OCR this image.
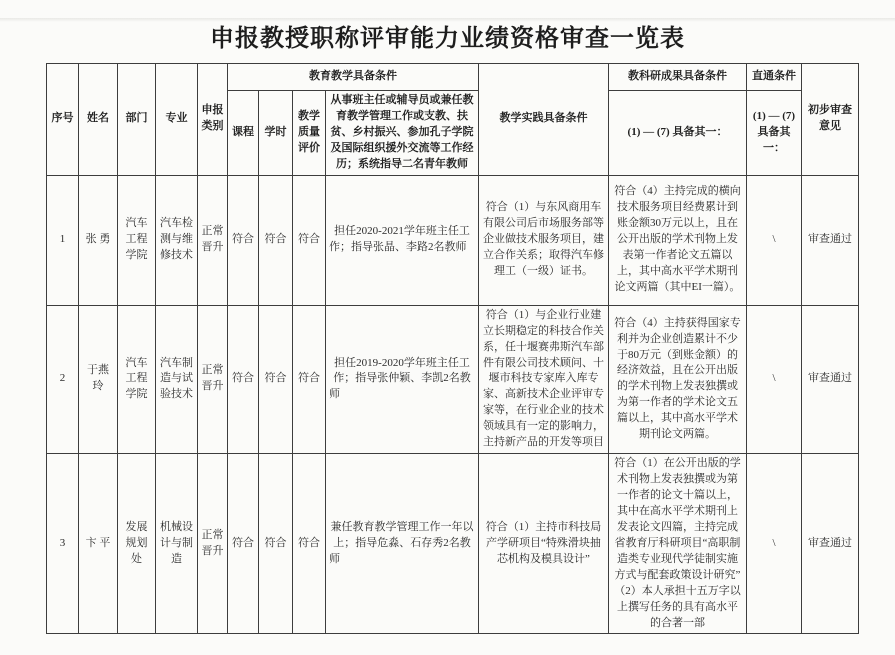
申报教授职称评审能力业绩资格审查一览表
序号	姓名	部门	专业	申报类别	教育教学具备条件				教学实践具备条件	教科研成果具备条件	直通条件	初步审查意见
					课程	学时	教学质量评价	从事班主任或辅导员或兼任教育教学管理工作或支教、扶贫、乡村振兴、参加孔子学院及国际组织援外交流等工作经历；系统指导二名青年教师		(1) — (7) 具备其一：	(1) — (7) 具备其一：	
1	张 勇	汽车工程学院	汽车检测与维修技术	正常晋升	符合	符合	符合	担任2020-2021学年班主任工作；指导张晶、李路2名教师	符合（1）与东风商用车有限公司后市场服务部等企业做技术服务项目，建立合作关系；取得汽车修理工（一级）证书。	符合（4）主持完成的横向技术服务项目经费累计到账金额30万元以上，且在公开出版的学术刊物上发表第一作者论文五篇以上，其中高水平学术期刊论文两篇（其中EI一篇）。	\	审查通过
2	于燕玲	汽车工程学院	汽车制造与试验技术	正常晋升	符合	符合	符合	担任2019-2020学年班主任工作；指导张仲颖、李凯2名教师	符合（1）与企业行业建立长期稳定的科技合作关系，任十堰赛弗斯汽车部件有限公司技术顾问、十堰市科技专家库入库专家、高新技术企业评审专家等，在行业企业的技术领域具有一定的影响力，主持新产品的开发等项目	符合（4）主持获得国家专利并为企业创造累计不少于80万元（到账金额）的经济效益，且在公开出版的学术刊物上发表独撰或为第一作者的学术论文五篇以上，其中高水平学术期刊论文两篇。	\	审查通过
3	卞 平	发展规划处	机械设计与制造	正常晋升	符合	符合	符合	兼任教育教学管理工作一年以上；指导危淼、石存秀2名教师	符合（1）主持市科技局产学研项目“特殊滑块抽芯机构及模具设计”	符合（1）在公开出版的学术刊物上发表独撰或为第一作者的论文十篇以上，其中在高水平学术期刊上发表论文四篇，主持完成省教育厅科研项目“高职制造类专业现代学徒制实施方式与配套政策设计研究”（2）本人承担十五万字以上撰写任务的具有高水平的合著一部	\	审查通过
